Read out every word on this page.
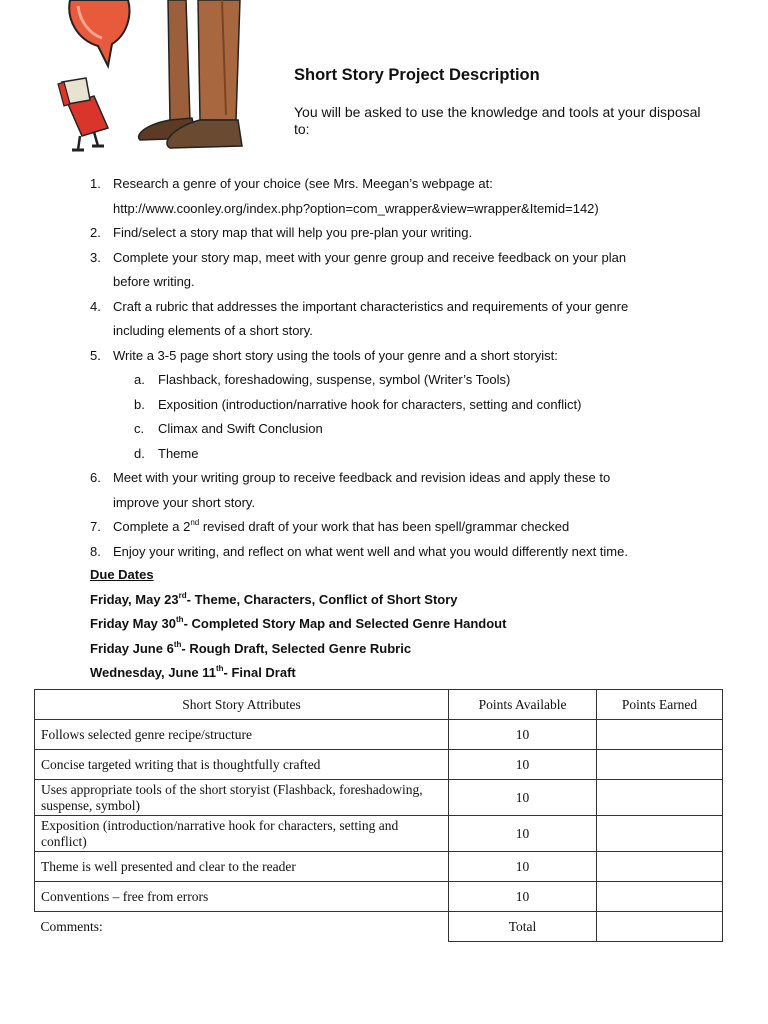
Short Story Project Description
You will be asked to use the knowledge and tools at your disposal to:
1. Research a genre of your choice (see Mrs. Meegan’s webpage at:
http://www.coonley.org/index.php?option=com_wrapper&view=wrapper&Itemid=142)
2. Find/select a story map that will help you pre-plan your writing.
3. Complete your story map, meet with your genre group and receive feedback on your plan
before writing.
4. Craft a rubric that addresses the important characteristics and requirements of your genre
including elements of a short story.
5. Write a 3-5 page short story using the tools of your genre and a short storyist:
a.	Flashback, foreshadowing, suspense, symbol (Writer’s Tools)
b.	Exposition (introduction/narrative hook for characters, setting and conflict)
c.	Climax and Swift Conclusion
d.	Theme
6. Meet with your writing group to receive feedback and revision ideas and apply these to
improve your short story.
7. Complete a 2nd revised draft of your work that has been spell/grammar checked
8. Enjoy your writing, and reflect on what went well and what you would differently next time.
Due Dates
Friday, May 23rd- Theme, Characters, Conflict of Short Story
Friday May 30th- Completed Story Map and Selected Genre Handout
Friday June 6th- Rough Draft, Selected Genre Rubric
Wednesday, June 11th- Final Draft
Short Story Attributes	Points Available	Points Earned
Follows selected genre recipe/structure	10	
Concise targeted writing that is thoughtfully crafted	10	
Uses appropriate tools of the short storyist (Flashback, foreshadowing, suspense, symbol)	10	
Exposition (introduction/narrative hook for characters, setting and conflict)	10	
Theme is well presented and clear to the reader	10	
Conventions – free from errors	10	
Comments:	Total	
